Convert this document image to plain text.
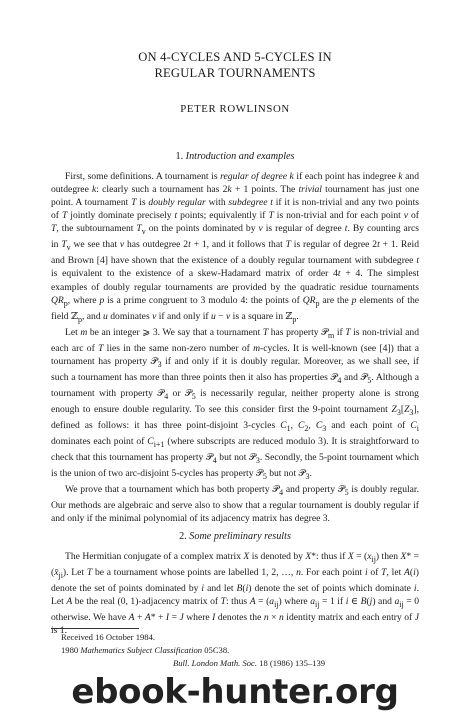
ON 4-CYCLES AND 5-CYCLES IN
REGULAR TOURNAMENTS
PETER ROWLINSON
1. Introduction and examples

First, some definitions. A tournament is regular of degree k if each point has indegree k and outdegree k: clearly such a tournament has 2k + 1 points. The trivial tournament has just one point. A tournament T is doubly regular with subdegree t if it is non-trivial and any two points of T jointly dominate precisely t points; equivalently if T is non-trivial and for each point v of T, the subtournament $T_v$ on the points dominated by v is regular of degree t. By counting arcs in $T_v$ we see that v has outdegree 2t + 1, and it follows that T is regular of degree 2t + 1. Reid and Brown [4] have shown that the existence of a doubly regular tournament with subdegree t is equivalent to the existence of a skew-Hadamard matrix of order 4t + 4. The simplest examples of doubly regular tournaments are provided by the quadratic residue tournaments $QR_p$, where p is a prime congruent to 3 modulo 4: the points of $QR_p$ are the p elements of the field ℤ$_p$, and u dominates v if and only if u − v is a square in ℤ$_p$.

Let m be an integer ⩾ 3. We say that a tournament T has property 𝒫$_m$ if T is non-trivial and each arc of T lies in the same non-zero number of m-cycles. It is well-known (see [4]) that a tournament has property 𝒫$_3$ if and only if it is doubly regular. Moreover, as we shall see, if such a tournament has more than three points then it also has properties 𝒫$_4$ and 𝒫$_5$. Although a tournament with property 𝒫$_4$ or 𝒫$_5$ is necessarily regular, neither property alone is strong enough to ensure double regularity. To see this consider first the 9-point tournament $Z_3[Z_3]$, defined as follows: it has three point-disjoint 3-cycles $C_1$, $C_2$, $C_3$ and each point of $C_i$ dominates each point of $C_{i+1}$ (where subscripts are reduced modulo 3). It is straightforward to check that this tournament has property 𝒫$_4$ but not 𝒫$_3$. Secondly, the 5-point tournament which is the union of two arc-disjoint 5-cycles has property 𝒫$_5$ but not 𝒫$_3$.

We prove that a tournament which has both property 𝒫$_4$ and property 𝒫$_5$ is doubly regular. Our methods are algebraic and serve also to show that a regular tournament is doubly regular if and only if the minimal polynomial of its adjacency matrix has degree 3.

2. Some preliminary results

The Hermitian conjugate of a complex matrix X is denoted by X*: thus if $X = (x_{ij})$ then $X* = (x̄_{ji})$. Let T be a tournament whose points are labelled 1, 2, …, n. For each point i of T, let A(i) denote the set of points dominated by i and let B(i) denote the set of points which dominate i. Let A be the real (0, 1)-adjacency matrix of T: thus $A = (a_{ij})$ where $a_{ij} = 1$ if i ∈ B(j) and $a_{ij} = 0$ otherwise. We have A + A* + I = J where I denotes the n × n identity matrix and each entry of J is 1.

Received 16 October 1984.
1980 Mathematics Subject Classification 05C38.
Bull. London Math. Soc. 18 (1986) 135–139
ebook-hunter.org
